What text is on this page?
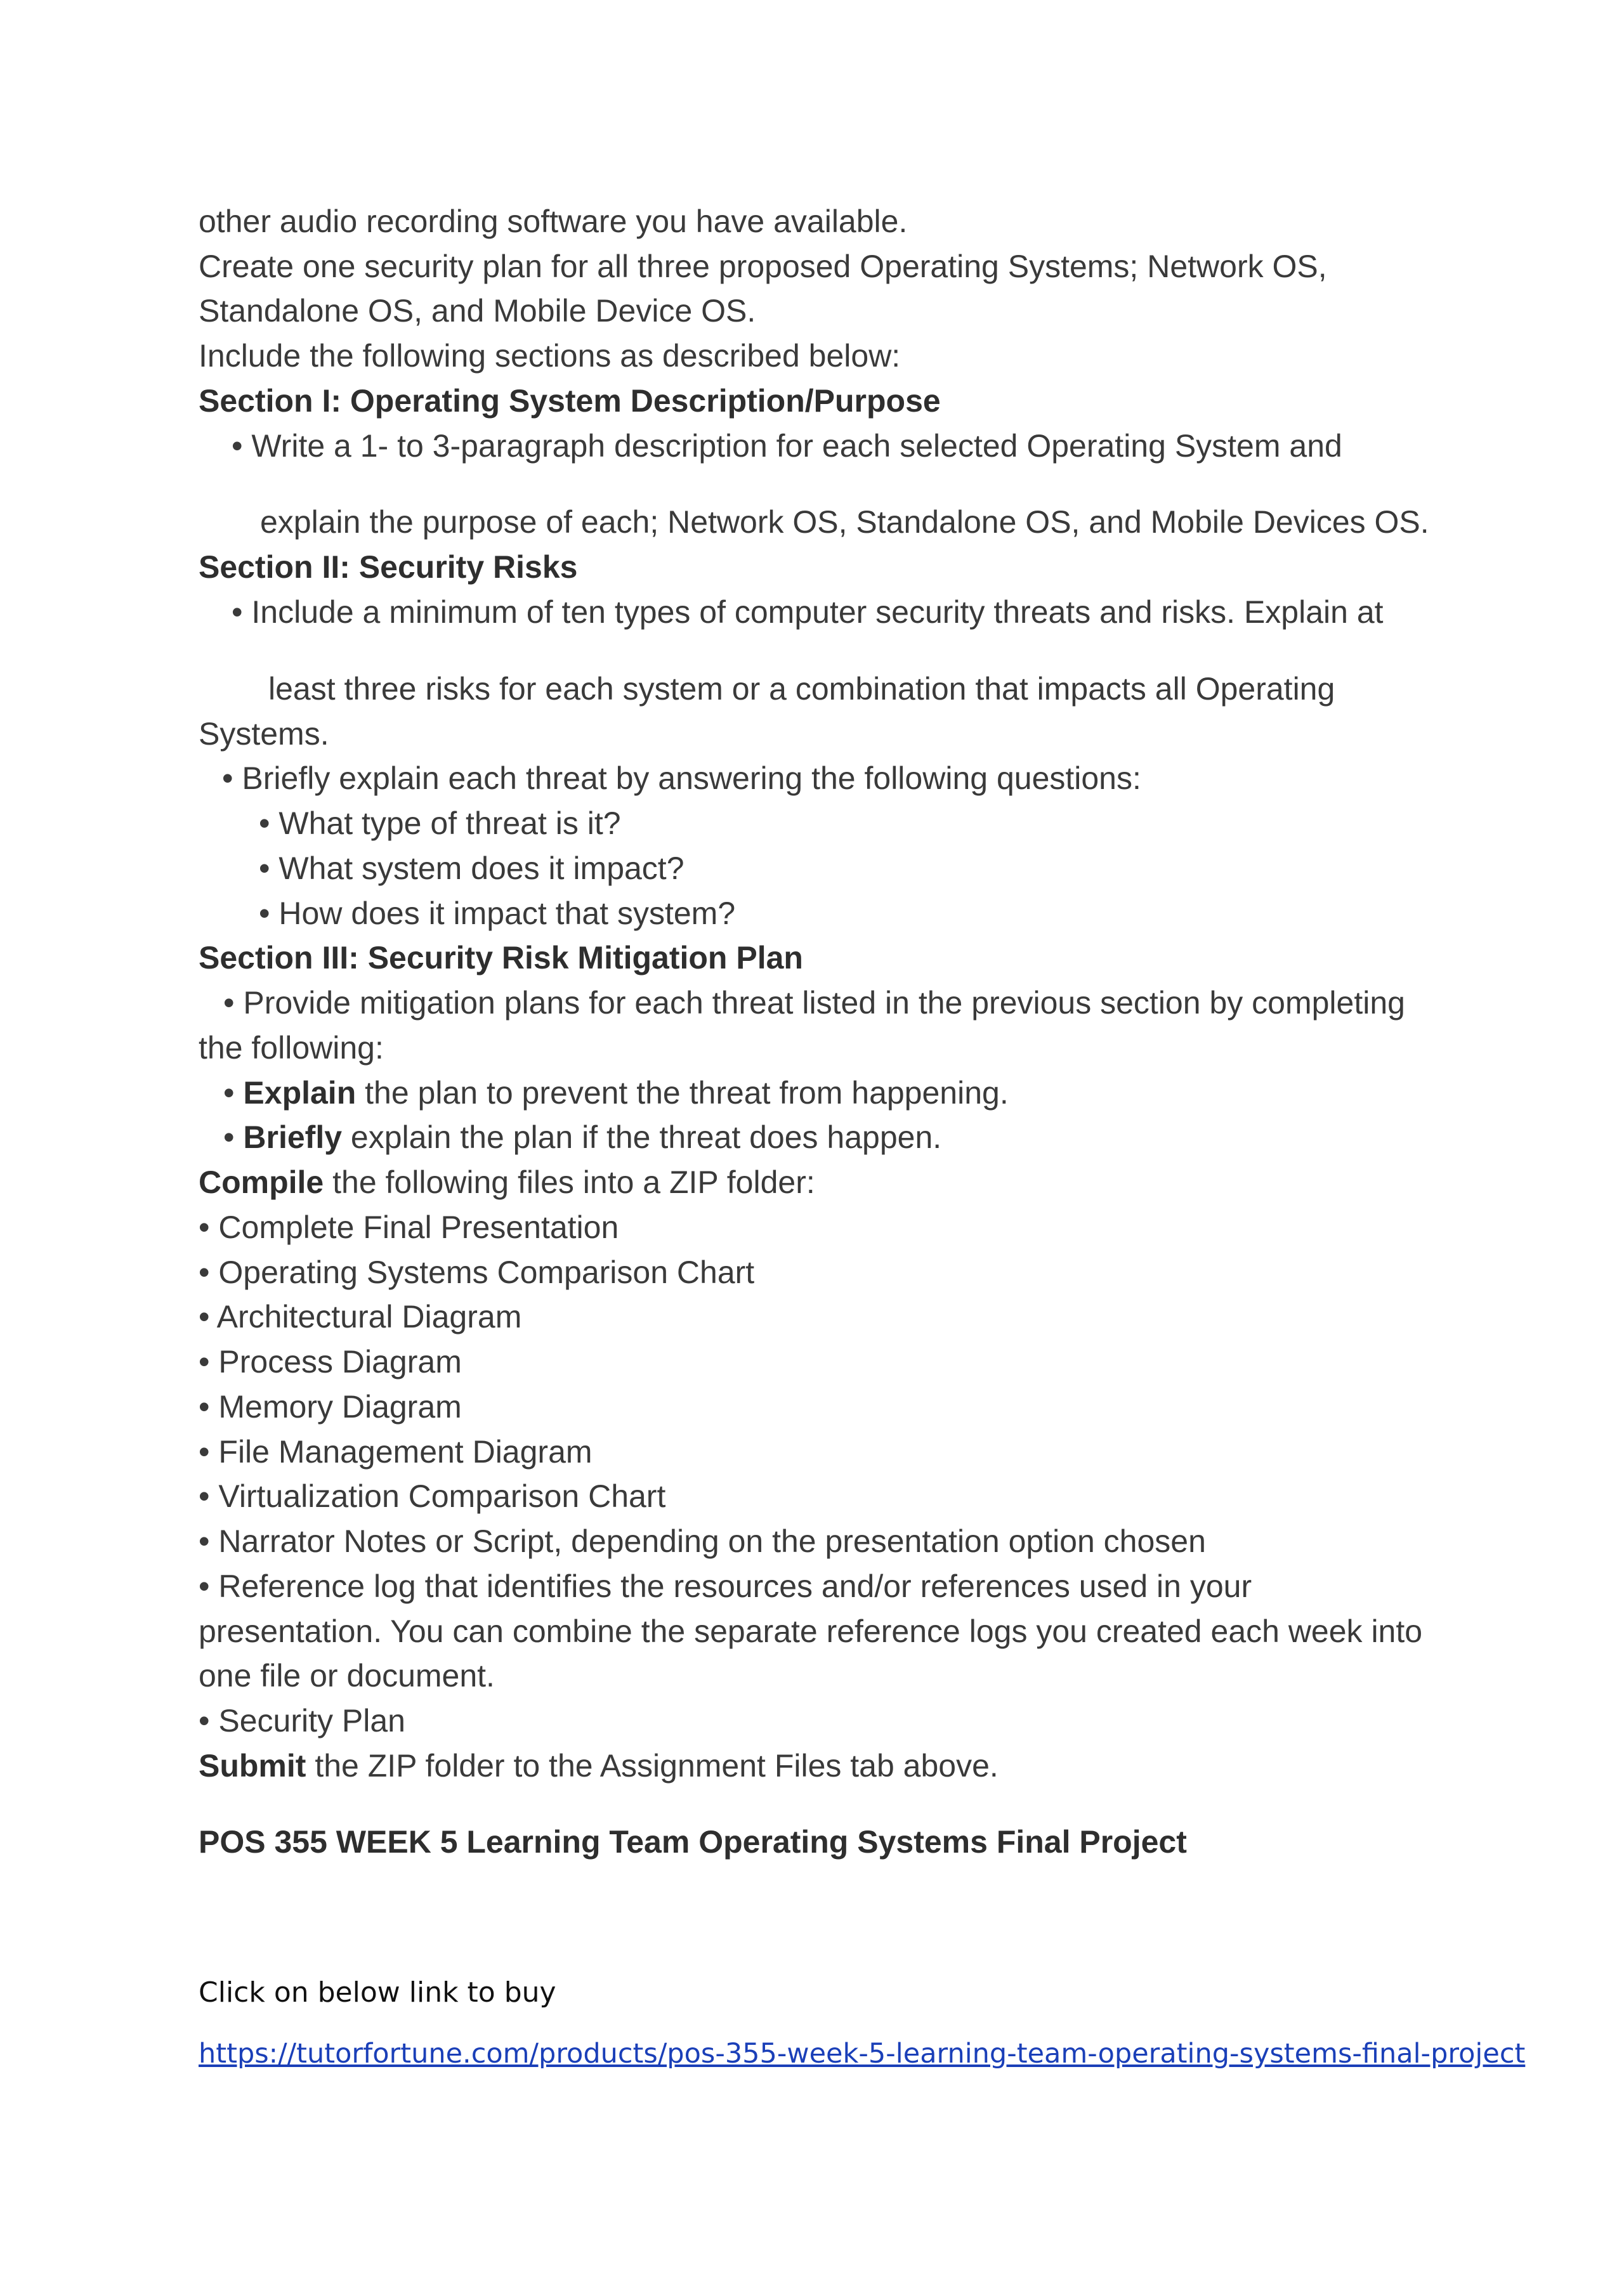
other audio recording software you have available.
Create one security plan for all three proposed Operating Systems; Network OS,
Standalone OS, and Mobile Device OS.
Include the following sections as described below:
Section I: Operating System Description/Purpose
• Write a 1- to 3-paragraph description for each selected Operating System and
explain the purpose of each; Network OS, Standalone OS, and Mobile Devices OS.
Section II: Security Risks
• Include a minimum of ten types of computer security threats and risks. Explain at
least three risks for each system or a combination that impacts all Operating
Systems.
• Briefly explain each threat by answering the following questions:
• What type of threat is it?
• What system does it impact?
• How does it impact that system?
Section III: Security Risk Mitigation Plan
• Provide mitigation plans for each threat listed in the previous section by completing
the following:
• Explain the plan to prevent the threat from happening.
• Briefly explain the plan if the threat does happen.
Compile the following files into a ZIP folder:
• Complete Final Presentation
• Operating Systems Comparison Chart
• Architectural Diagram
• Process Diagram
• Memory Diagram
• File Management Diagram
• Virtualization Comparison Chart
• Narrator Notes or Script, depending on the presentation option chosen
• Reference log that identifies the resources and/or references used in your
presentation. You can combine the separate reference logs you created each week into
one file or document.
• Security Plan
Submit the ZIP folder to the Assignment Files tab above.
POS 355 WEEK 5 Learning Team Operating Systems Final Project
Click on below link to buy
https://tutorfortune.com/products/pos-355-week-5-learning-team-operating-systems-final-project
